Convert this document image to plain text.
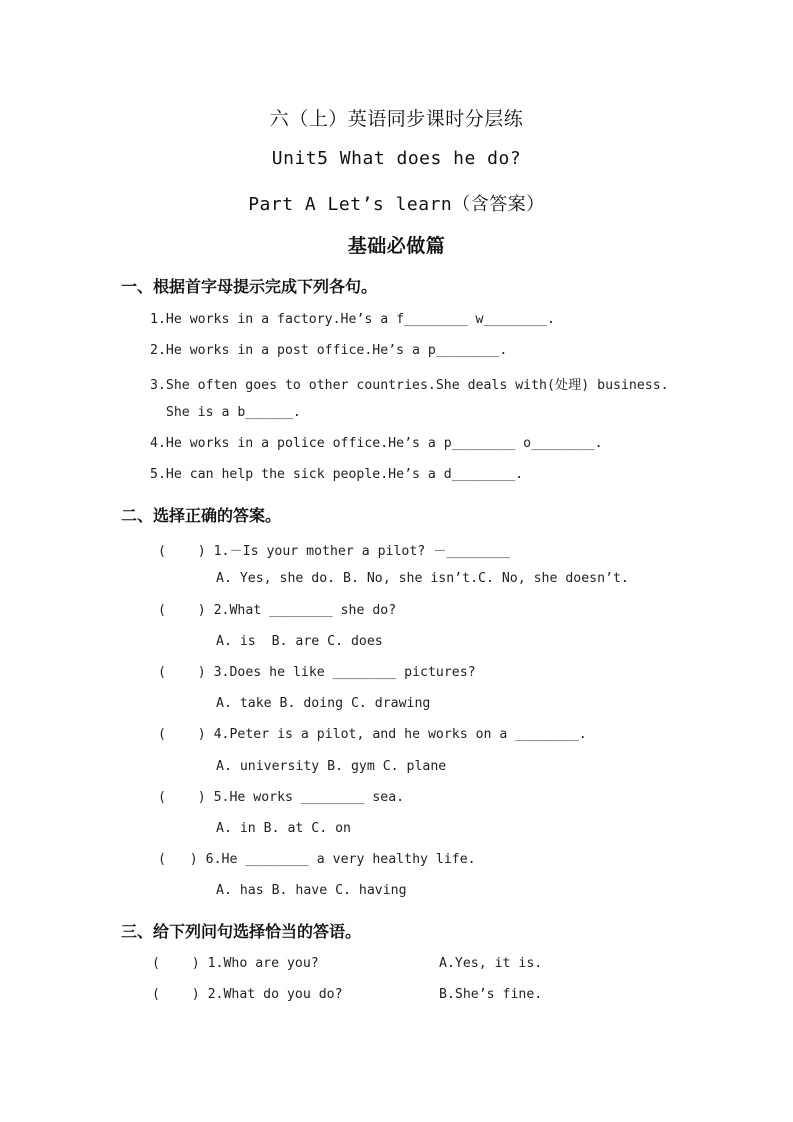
六（上）英语同步课时分层练
Unit5 What does he do?
Part A Let’s learn（含答案）
基础必做篇
一、根据首字母提示完成下列各句。
1.He works in a factory.He’s a f________ w________.
2.He works in a post office.He’s a p________.
3.She often goes to other countries.She deals with(处理) business.
She is a b______.
4.He works in a police office.He’s a p________ o________.
5.He can help the sick people.He’s a d________.
二、选择正确的答案。
(    ) 1.－Is your mother a pilot? －________
A. Yes, she do. B. No, she isn’t.C. No, she doesn’t.
(    ) 2.What ________ she do?
A. is  B. are C. does
(    ) 3.Does he like ________ pictures?
A. take B. doing C. drawing
(    ) 4.Peter is a pilot, and he works on a ________.
A. university B. gym C. plane
(    ) 5.He works ________ sea.
A. in B. at C. on
(   ) 6.He ________ a very healthy life.
A. has B. have C. having
三、给下列问句选择恰当的答语。
(    ) 1.Who are you?	A.Yes, it is.
(    ) 2.What do you do?	B.She’s fine.
